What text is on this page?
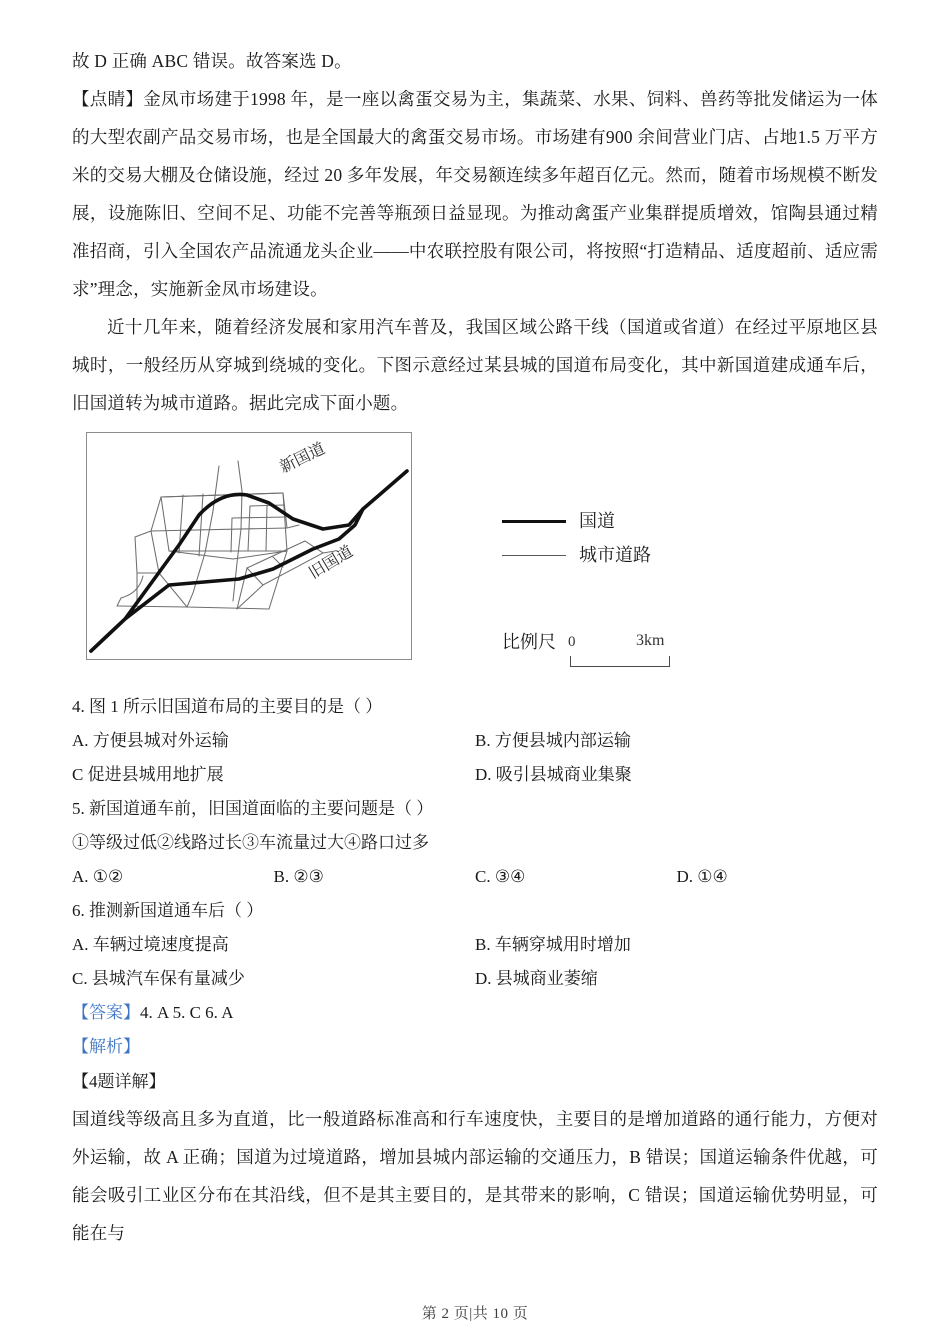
故 D 正确 ABC 错误。故答案选 D。

【点睛】金凤市场建于1998 年，是一座以禽蛋交易为主，集蔬菜、水果、饲料、兽药等批发储运为一体的大型农副产品交易市场，也是全国最大的禽蛋交易市场。市场建有900 余间营业门店、占地1.5 万平方米的交易大棚及仓储设施，经过 20 多年发展，年交易额连续多年超百亿元。然而，随着市场规模不断发展，设施陈旧、空间不足、功能不完善等瓶颈日益显现。为推动禽蛋产业集群提质增效，馆陶县通过精准招商，引入全国农产品流通龙头企业——中农联控股有限公司，将按照“打造精品、适度超前、适应需求”理念，实施新金凤市场建设。

近十几年来，随着经济发展和家用汽车普及，我国区域公路干线（国道或省道）在经过平原地区县城时，一般经历从穿城到绕城的变化。下图示意经过某县城的国道布局变化，其中新国道建成通车后，旧国道转为城市道路。据此完成下面小题。

新国道
旧国道
国道
城市道路
比例尺 0	3km

4. 图 1 所示旧国道布局的主要目的是（ ）

A. 方便县城对外运输	B. 方便县城内部运输
C 促进县城用地扩展	D. 吸引县城商业集聚

5. 新国道通车前，旧国道面临的主要问题是（ ）

①等级过低②线路过长③车流量过大④路口过多

A. ①②	B. ②③	C. ③④	D. ①④

6. 推测新国道通车后（ ）

A. 车辆过境速度提高	B. 车辆穿城用时增加
C. 县城汽车保有量减少	D. 县城商业萎缩

【答案】4. A 5. C 6. A

【解析】

【4题详解】

国道线等级高且多为直道，比一般道路标准高和行车速度快，主要目的是增加道路的通行能力，方便对外运输，故 A 正确；国道为过境道路，增加县城内部运输的交通压力，B 错误；国道运输条件优越，可能会吸引工业区分布在其沿线，但不是其主要目的，是其带来的影响，C 错误；国道运输优势明显，可能在与

第 2 页|共 10 页
